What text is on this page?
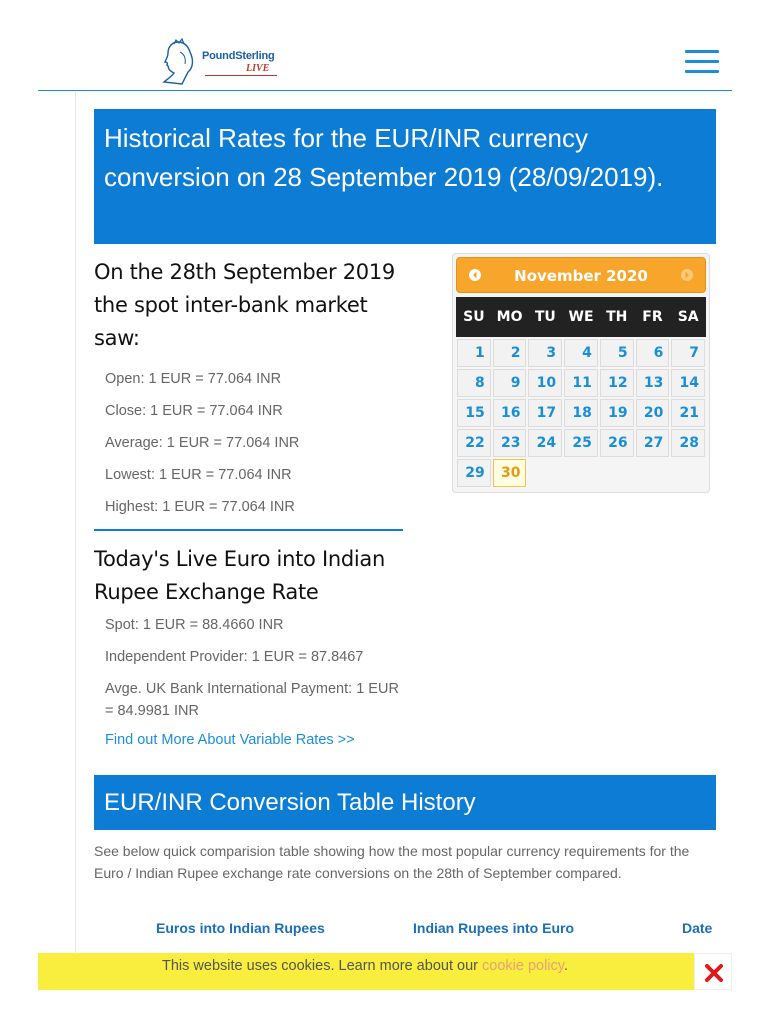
PoundSterling
LIVE
Historical Rates for the EUR/INR currency conversion on 28 September 2019 (28/09/2019).
On the 28th September 2019 the spot inter-bank market saw:
Open: 1 EUR = 77.064 INR
Close: 1 EUR = 77.064 INR
Average: 1 EUR = 77.064 INR
Lowest: 1 EUR = 77.064 INR
Highest: 1 EUR = 77.064 INR
Today's Live Euro into Indian Rupee Exchange Rate
Spot: 1 EUR = 88.4660 INR
Independent Provider: 1 EUR = 87.8467
Avge. UK Bank International Payment: 1 EUR = 84.9981 INR
Find out More About Variable Rates >>
November 2020
SU MO TU WE TH	FR	SA
1	2	3	4	5	6	7
8	9	10	11	12	13	14
15	16	17	18	19	20	21
22	23	24	25	26	27	28
29	30
EUR/INR Conversion Table History

See below quick comparision table showing how the most popular currency requirements for the Euro / Indian Rupee exchange rate conversions on the 28th of September compared.

Euros into Indian Rupees	Indian Rupees into Euro	Date
This website uses cookies. Learn more about our cookie policy.
